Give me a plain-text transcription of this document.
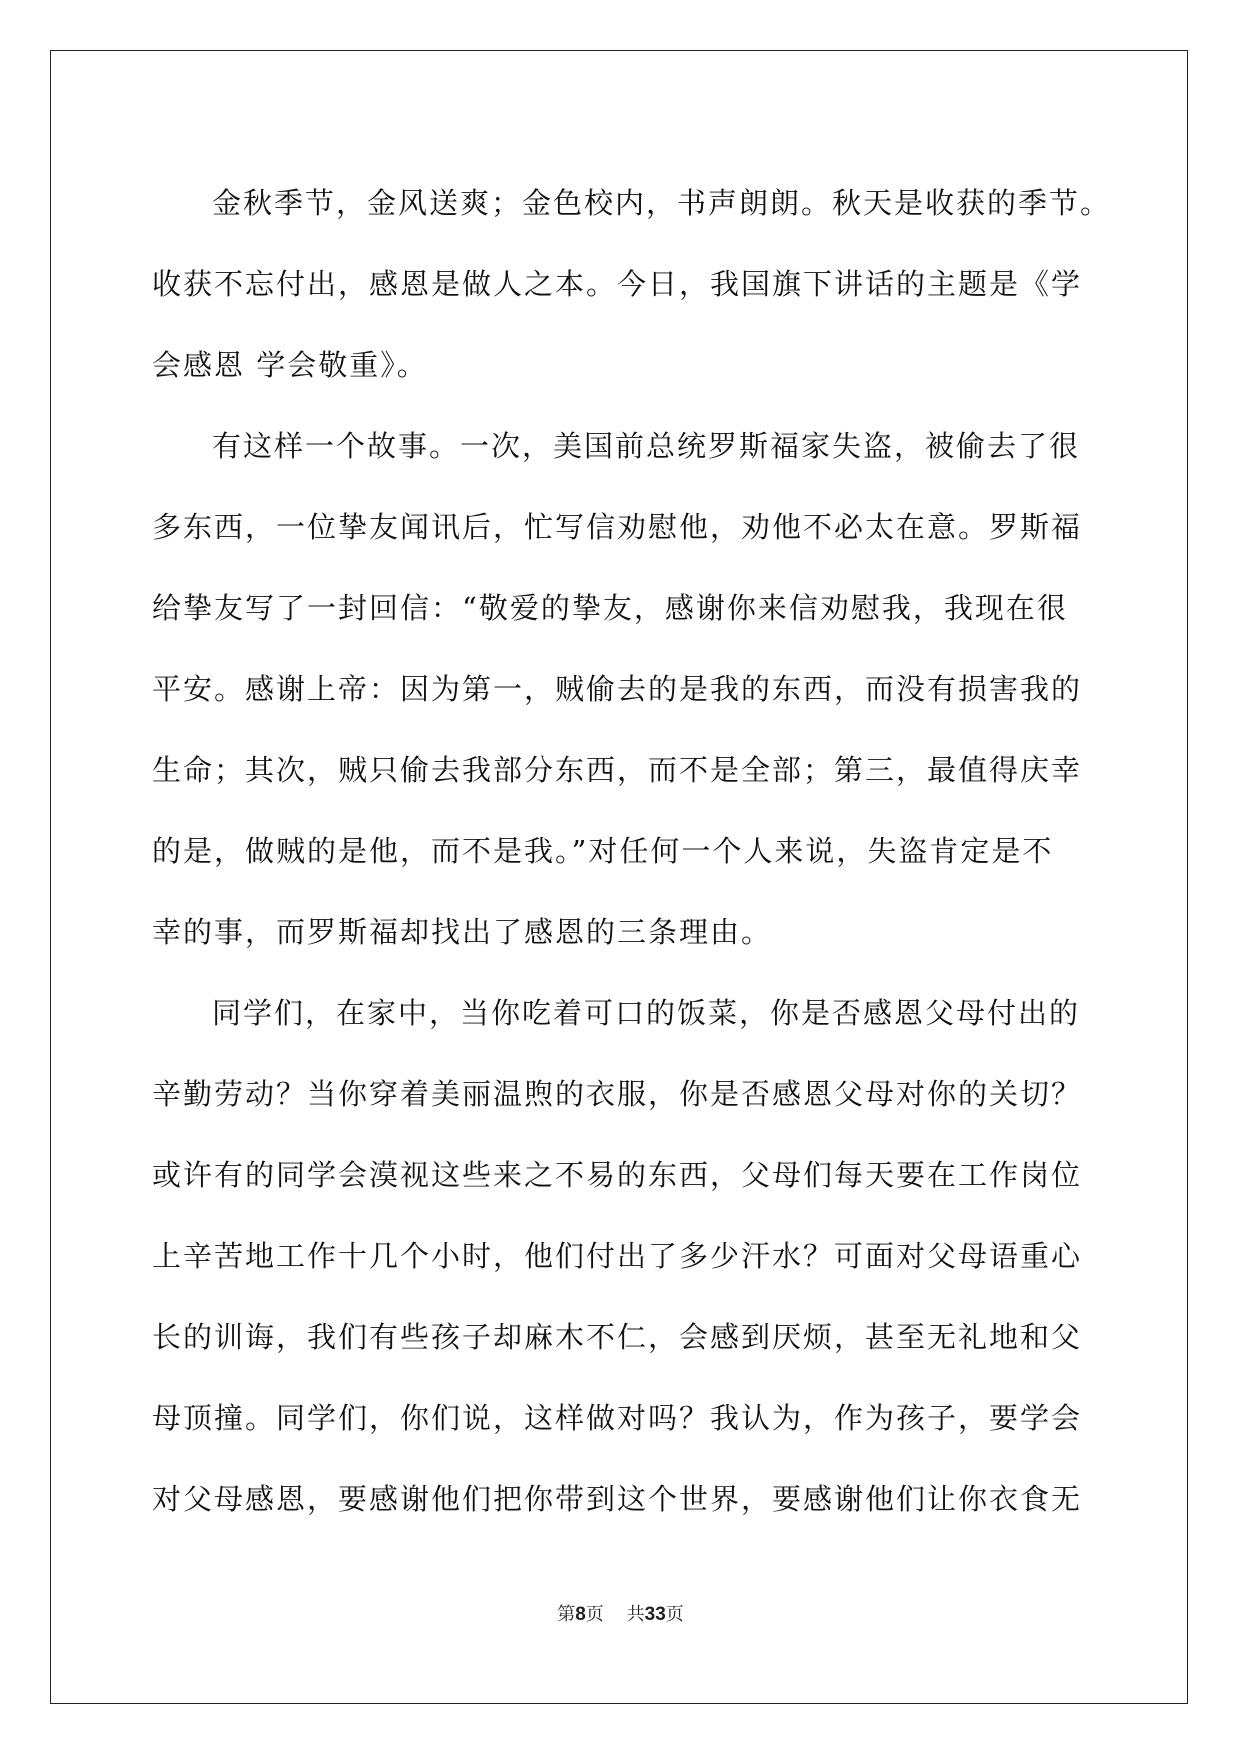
金秋季节，金风送爽；金色校内，书声朗朗。秋天是收获的季节。
收获不忘付出，感恩是做人之本。今日，我国旗下讲话的主题是《学
会感恩 学会敬重》。
有这样一个故事。一次，美国前总统罗斯福家失盗，被偷去了很
多东西，一位挚友闻讯后，忙写信劝慰他，劝他不必太在意。罗斯福
给挚友写了一封回信：“敬爱的挚友，感谢你来信劝慰我，我现在很
平安。感谢上帝：因为第一，贼偷去的是我的东西，而没有损害我的
生命；其次，贼只偷去我部分东西，而不是全部；第三，最值得庆幸
的是，做贼的是他，而不是我。”对任何一个人来说，失盗肯定是不
幸的事，而罗斯福却找出了感恩的三条理由。
同学们，在家中，当你吃着可口的饭菜，你是否感恩父母付出的
辛勤劳动？当你穿着美丽温煦的衣服，你是否感恩父母对你的关切？
或许有的同学会漠视这些来之不易的东西，父母们每天要在工作岗位
上辛苦地工作十几个小时，他们付出了多少汗水？可面对父母语重心
长的训诲，我们有些孩子却麻木不仁，会感到厌烦，甚至无礼地和父
母顶撞。同学们，你们说，这样做对吗？我认为，作为孩子，要学会
对父母感恩，要感谢他们把你带到这个世界，要感谢他们让你衣食无
第8页 共33页
